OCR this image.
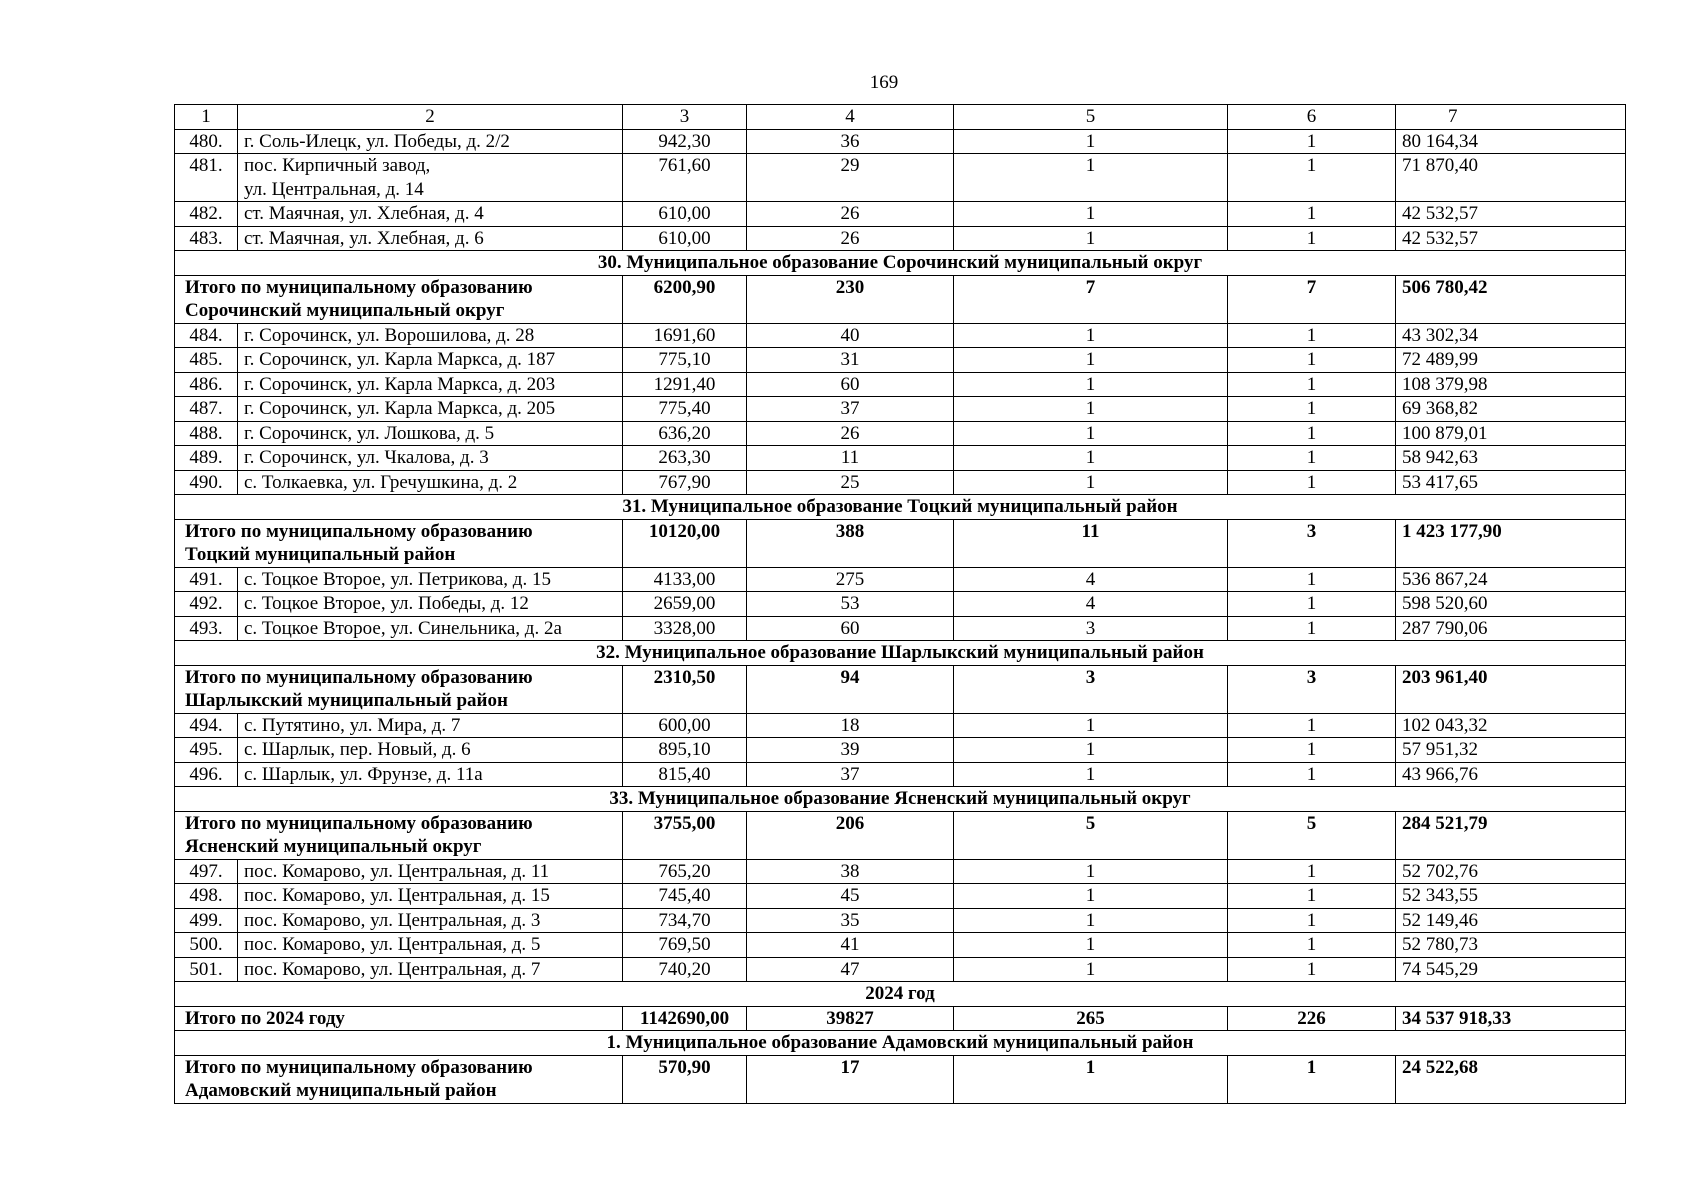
169
1	2	3	4	5	6	7
480.	г. Соль-Илецк, ул. Победы, д. 2/2	942,30	36	1	1	80 164,34
481.	пос. Кирпичный завод,
ул. Центральная, д. 14	761,60	29	1	1	71 870,40
482.	ст. Маячная, ул. Хлебная, д. 4	610,00	26	1	1	42 532,57
483.	ст. Маячная, ул. Хлебная, д. 6	610,00	26	1	1	42 532,57
30. Муниципальное образование Сорочинский муниципальный округ						

Итого по муниципальному образованию
Сорочинский муниципальный округ		6200,90	230	7	7	506 780,42
484.	г. Сорочинск, ул. Ворошилова, д. 28	1691,60	40	1	1	43 302,34
485.	г. Сорочинск, ул. Карла Маркса, д. 187	775,10	31	1	1	72 489,99
486.	г. Сорочинск, ул. Карла Маркса, д. 203	1291,40	60	1	1	108 379,98
487.	г. Сорочинск, ул. Карла Маркса, д. 205	775,40	37	1	1	69 368,82
488.	г. Сорочинск, ул. Лошкова, д. 5	636,20	26	1	1	100 879,01
489.	г. Сорочинск, ул. Чкалова, д. 3	263,30	11	1	1	58 942,63
490.	с. Толкаевка, ул. Гречушкина, д. 2	767,90	25	1	1	53 417,65
31. Муниципальное образование Тоцкий муниципальный район						

Итого по муниципальному образованию
Тоцкий муниципальный район		10120,00	388	11	3	1 423 177,90
491.	с. Тоцкое Второе, ул. Петрикова, д. 15	4133,00	275	4	1	536 867,24
492.	с. Тоцкое Второе, ул. Победы, д. 12	2659,00	53	4	1	598 520,60
493.	с. Тоцкое Второе, ул. Синельника, д. 2а	3328,00	60	3	1	287 790,06
32. Муниципальное образование Шарлыкский муниципальный район						

Итого по муниципальному образованию
Шарлыкский муниципальный район		2310,50	94	3	3	203 961,40
494.	с. Путятино, ул. Мира, д. 7	600,00	18	1	1	102 043,32
495.	с. Шарлык, пер. Новый, д. 6	895,10	39	1	1	57 951,32
496.	с. Шарлык, ул. Фрунзе, д. 11а	815,40	37	1	1	43 966,76
33. Муниципальное образование Ясненский муниципальный округ						

Итого по муниципальному образованию
Ясненский муниципальный округ		3755,00	206	5	5	284 521,79
497.	пос. Комарово, ул. Центральная, д. 11	765,20	38	1	1	52 702,76
498.	пос. Комарово, ул. Центральная, д. 15	745,40	45	1	1	52 343,55
499.	пос. Комарово, ул. Центральная, д. 3	734,70	35	1	1	52 149,46
500.	пос. Комарово, ул. Центральная, д. 5	769,50	41	1	1	52 780,73
501.	пос. Комарово, ул. Центральная, д. 7	740,20	47	1	1	74 545,29
2024 год						

Итого по 2024 году		1142690,00	39827	265	226	34 537 918,33
1. Муниципальное образование Адамовский муниципальный район						

Итого по муниципальному образованию
Адамовский муниципальный район		570,90	17	1	1	24 522,68
